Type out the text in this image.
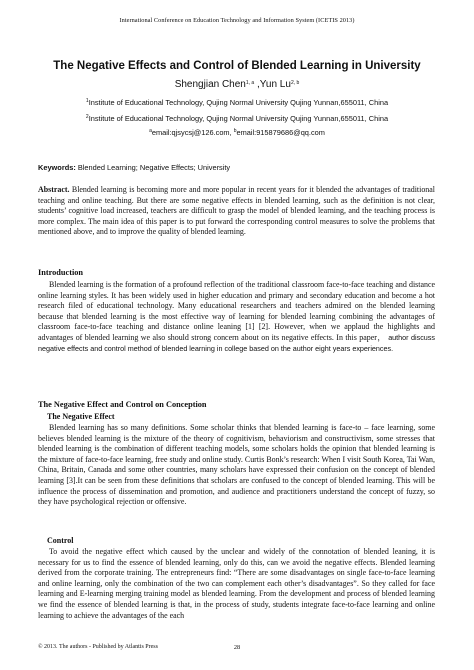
International Conference on Education Technology and Information System (ICETIS 2013)
The Negative Effects and Control of Blended Learning in University
Shengjian Chen$^{1, a}$ ,Yun Lu$^{2, b}$
$^1$Institute of Educational Technology, Qujing Normal University Qujing Yunnan,655011, China
$^2$Institute of Educational Technology, Qujing Normal University Qujing Yunnan,655011, China
$^a$email:qjsycsj@126.com, $^b$email:915879686@qq.com
Keywords: Blended Learning; Negative Effects; University

Abstract. Blended learning is becoming more and more popular in recent years for it blended the advantages of traditional teaching and online teaching. But there are some negative effects in blended learning, such as the definition is not clear, students’ cognitive load increased, teachers are difficult to grasp the model of blended learning, and the teaching process is more complex. The main idea of this paper is to put forward the corresponding control measures to solve the problems that mentioned above, and to improve the quality of blended learning.

Introduction

Blended learning is the formation of a profound reflection of the traditional classroom face-to-face teaching and distance online learning styles. It has been widely used in higher education and primary and secondary education and become a hot research filed of educational technology. Many educational researchers and teachers admired on the blended learning because that blended learning is the most effective way of learning for blended learning combining the advantages of classroom face-to-face teaching and distance online leaning [1] [2]. However, when we applaud the highlights and advantages of blended learning we also should strong concern about on its negative effects. In this paper， author discuss negative effects and control method of blended learning in college based on the author eight years experiences.

The Negative Effect and Control on Conception
The Negative Effect

Blended learning has so many definitions. Some scholar thinks that blended learning is face-to – face learning, some believes blended learning is the mixture of the theory of cognitivism, behaviorism and constructivism, some stresses that blended learning is the combination of different teaching models, some scholars holds the opinion that blended learning is the mixture of face-to-face learning, free study and online study. Curtis Bonk’s research: When I visit South Korea, Tai Wan, China, Britain, Canada and some other countries, many scholars have expressed their confusion on the concept of blended learning [3].It can be seen from these definitions that scholars are confused to the concept of blended learning. This will be influence the process of dissemination and promotion, and audience and practitioners understand the concept of fuzzy, so they have psychological rejection or offensive.

Control

To avoid the negative effect which caused by the unclear and widely of the connotation of blended leaning, it is necessary for us to find the essence of blended learning, only do this, can we avoid the negative effects. Blended learning derived from the corporate training. The entrepreneurs find: “There are some disadvantages on single face-to-face learning and online learning, only the combination of the two can complement each other’s disadvantages”. So they called for face learning and E-learning merging training model as blended learning. From the development and process of blended learning we find the essence of blended learning is that, in the process of study, students integrate face-to-face learning and online learning to achieve the advantages of the each

© 2013. The authors - Published by Atlantis Press	28
